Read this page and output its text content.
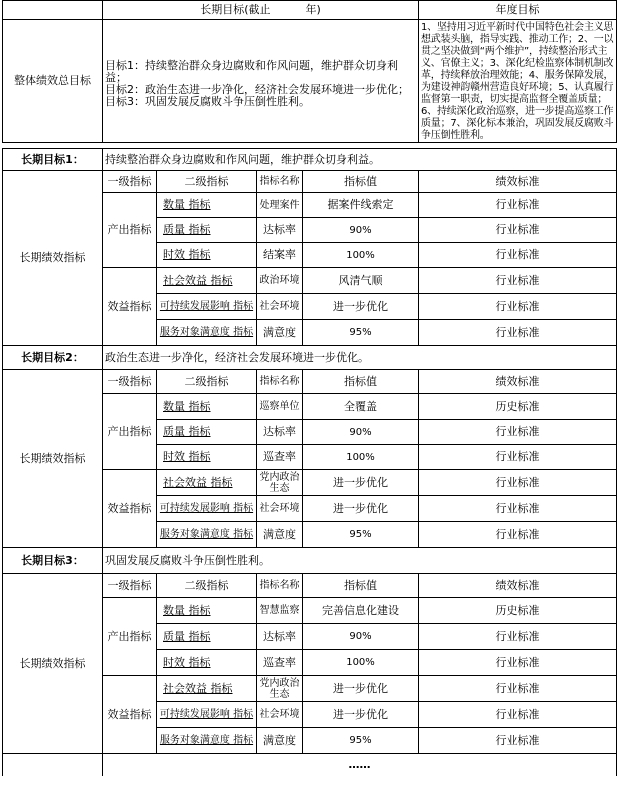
	长期目标(截止          年)				年度目标
整体绩效总目标	目标1：持续整治群众身边腐败和作风问题，维护群众切身利益；
目标2：政治生态进一步净化，经济社会发展环境进一步优化；
目标3：巩固发展反腐败斗争压倒性胜利。				1、坚持用习近平新时代中国特色社会主义思想武装头脑，指导实践、推动工作；2、一以贯之坚决做到“两个维护”，持续整治形式主义、官僚主义；3、深化纪检监察体制机制改革，持续释放治理效能；4、服务保障发展，为建设神韵赣州营造良好环境；5、认真履行监督第一职责，切实提高监督全覆盖质量；6、持续深化政治巡察，进一步提高巡察工作质量；7、深化标本兼治，巩固发展反腐败斗争压倒性胜利。

长期目标1：	持续整治群众身边腐败和作风问题，维护群众切身利益。				
长期绩效指标	一级指标	二级指标	指标名称	指标值	绩效标准
	产出指标	数量 指标	处理案件	据案件线索定	行业标准
		质量 指标	达标率	90%	行业标准
		时效 指标	结案率	100%	行业标准
	效益指标	社会效益 指标	政治环境	风清气顺	行业标准
		可持续发展影响 指标	社会环境	进一步优化	行业标准
		服务对象满意度 指标	满意度	95%	行业标准
长期目标2：	政治生态进一步净化，经济社会发展环境进一步优化。				
长期绩效指标	一级指标	二级指标	指标名称	指标值	绩效标准
	产出指标	数量 指标	巡察单位	全覆盖	历史标准
		质量 指标	达标率	90%	行业标准
		时效 指标	巡查率	100%	行业标准
	效益指标	社会效益 指标	党内政治生态	进一步优化	行业标准
		可持续发展影响 指标	社会环境	进一步优化	行业标准
		服务对象满意度 指标	满意度	95%	行业标准
长期目标3：	巩固发展反腐败斗争压倒性胜利。				
长期绩效指标	一级指标	二级指标	指标名称	指标值	绩效标准
	产出指标	数量 指标	智慧监察	完善信息化建设	历史标准
		质量 指标	达标率	90%	行业标准
		时效 指标	巡查率	100%	行业标准
	效益指标	社会效益 指标	党内政治生态	进一步优化	行业标准
		可持续发展影响 指标	社会环境	进一步优化	行业标准
		服务对象满意度 指标	满意度	95%	行业标准
	……				
